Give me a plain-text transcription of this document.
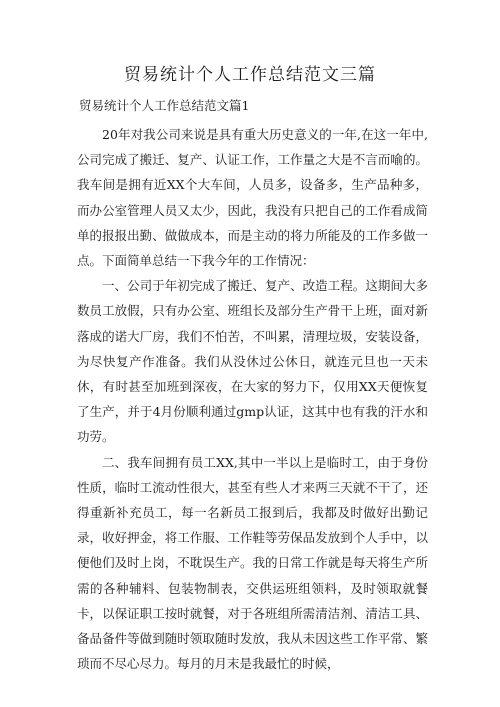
贸易统计个人工作总结范文三篇

贸易统计个人工作总结范文篇1

20年对我公司来说是具有重大历史意义的一年,在这一年中,公司完成了搬迁、复产、认证工作，工作量之大是不言而喻的。我车间是拥有近XX个大车间，人员多，设备多，生产品种多，而办公室管理人员又太少，因此，我没有只把自己的工作看成简单的报报出勤、做做成本，而是主动的将力所能及的工作多做一点。下面简单总结一下我今年的工作情况：

一、公司于年初完成了搬迁、复产、改造工程。这期间大多数员工放假，只有办公室、班组长及部分生产骨干上班，面对新落成的诺大厂房，我们不怕苦，不叫累，清理垃圾，安装设备，为尽快复产作准备。我们从没休过公休日，就连元旦也一天未休，有时甚至加班到深夜，在大家的努力下，仅用XX天便恢复了生产，并于4月份顺利通过gmp认证，这其中也有我的汗水和功劳。

二、我车间拥有员工XX,其中一半以上是临时工，由于身份性质，临时工流动性很大，甚至有些人才来两三天就不干了，还得重新补充员工，每一名新员工报到后，我都及时做好出勤记录，收好押金，将工作服、工作鞋等劳保品发放到个人手中，以便他们及时上岗，不耽误生产。我的日常工作就是每天将生产所需的各种辅料、包装物制表，交供运班组领料，及时领取就餐卡，以保证职工按时就餐，对于各班组所需清洁剂、清洁工具、备品备件等做到随时领取随时发放，我从未因这些工作平常、繁琐而不尽心尽力。每月的月末是我最忙的时候，
